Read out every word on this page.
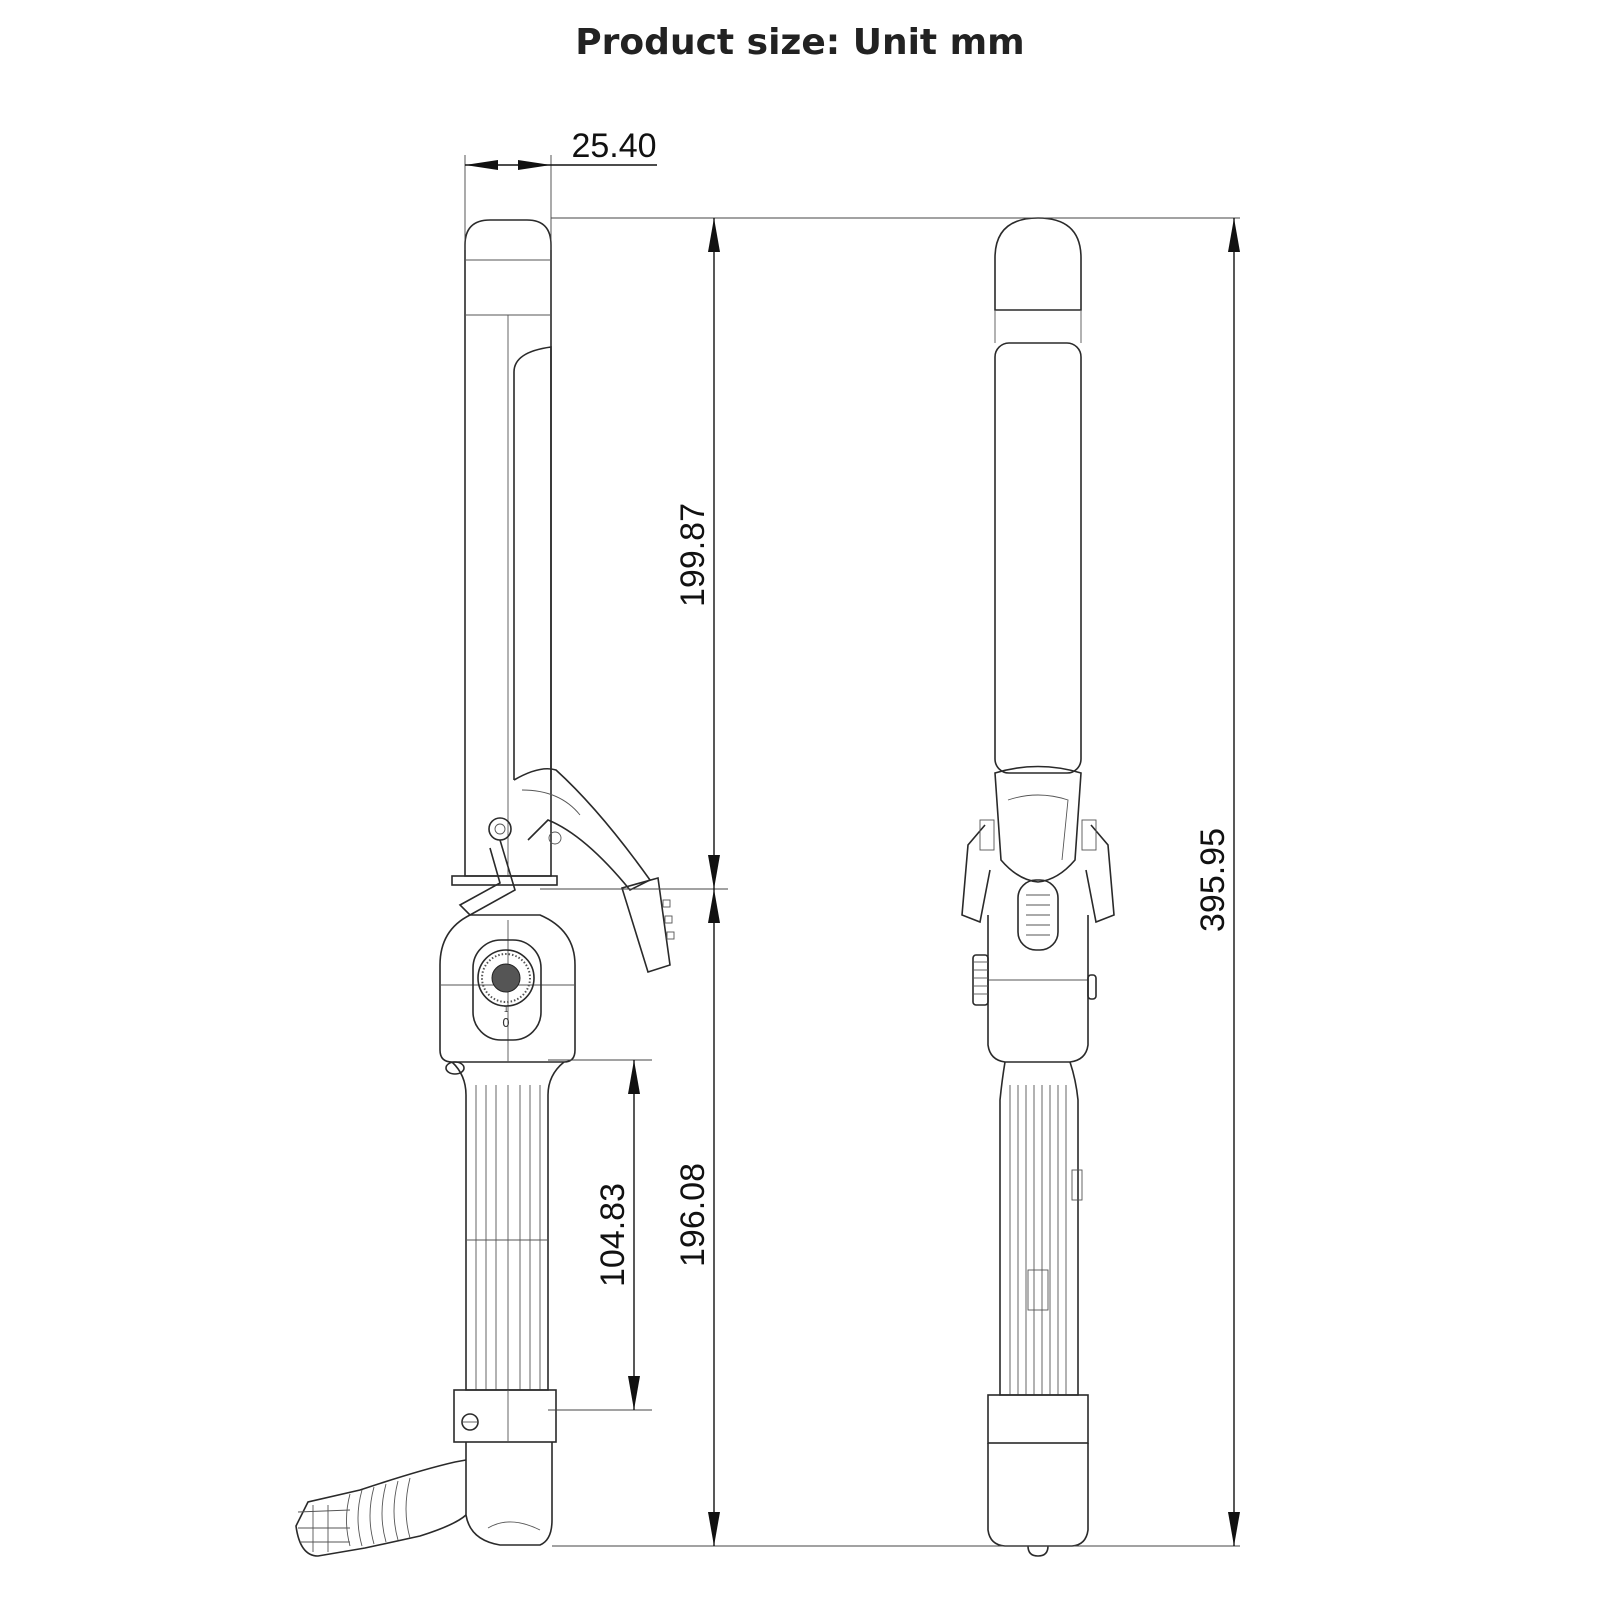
Product size: Unit mm
0
1
25.40
199.87
196.08
104.83
395.95
